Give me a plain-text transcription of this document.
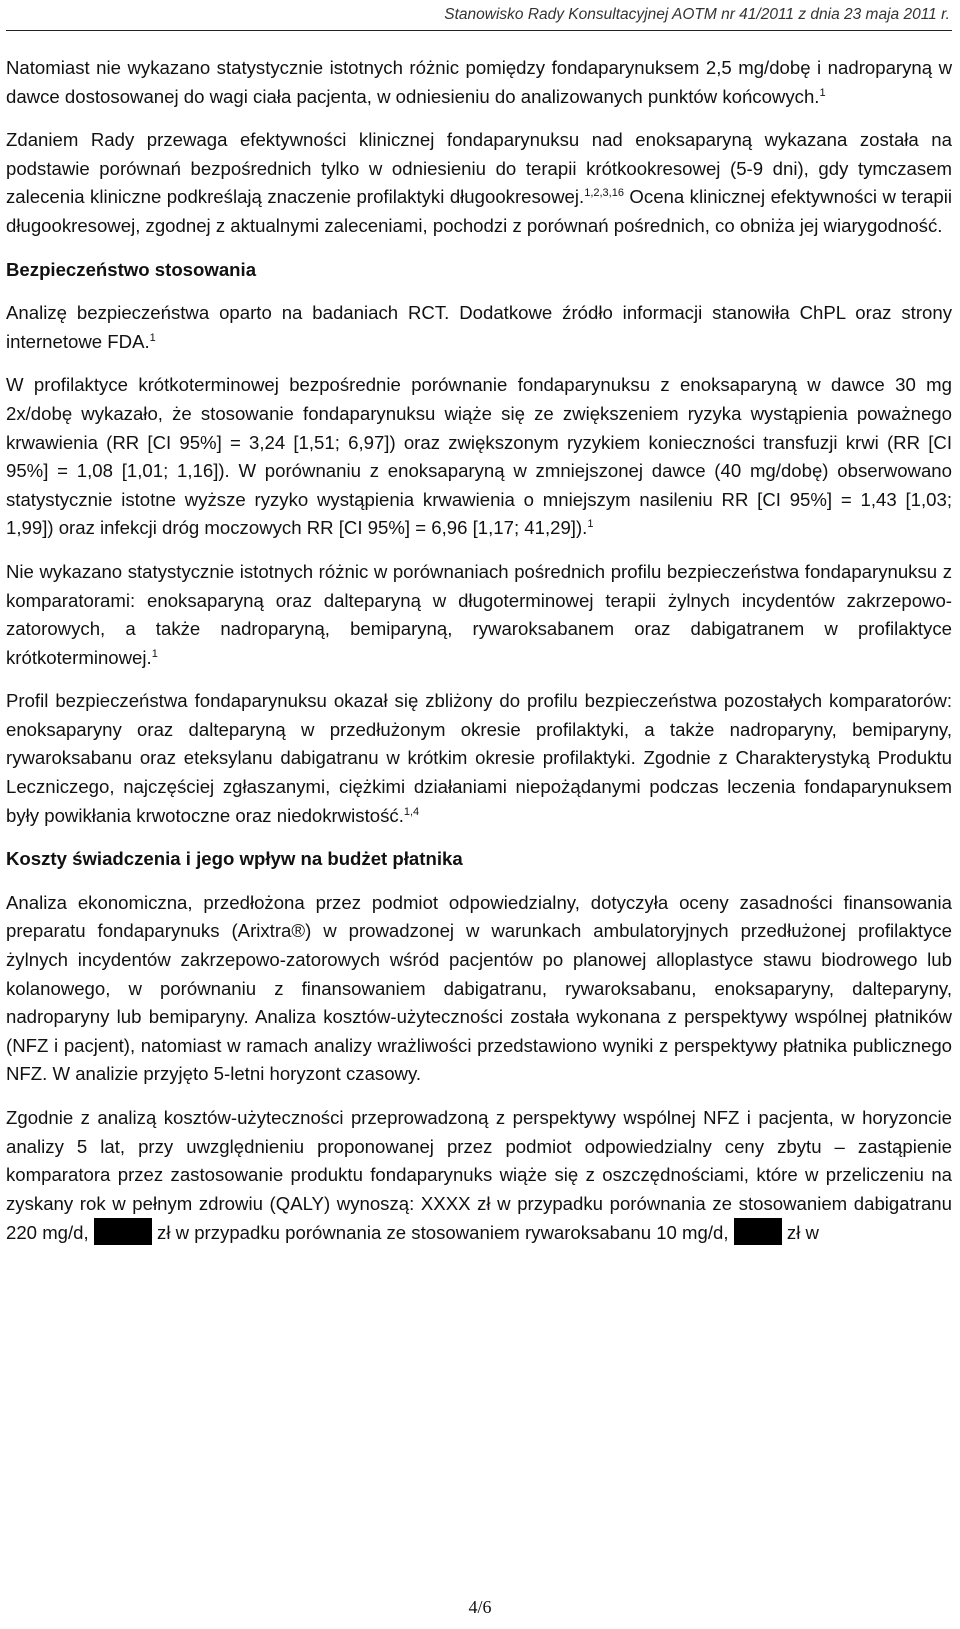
Stanowisko Rady Konsultacyjnej AOTM nr 41/2011 z dnia 23 maja 2011 r.

Natomiast nie wykazano statystycznie istotnych różnic pomiędzy fondaparynuksem 2,5 mg/dobę i nadroparyną w dawce dostosowanej do wagi ciała pacjenta, w odniesieniu do analizowanych punktów końcowych.$^1$

Zdaniem Rady przewaga efektywności klinicznej fondaparynuksu nad enoksaparyną wykazana została na podstawie porównań bezpośrednich tylko w odniesieniu do terapii krótkookresowej (5-9 dni), gdy tymczasem zalecenia kliniczne podkreślają znaczenie profilaktyki długookresowej.$^{1,2,3,16}$ Ocena klinicznej efektywności w terapii długookresowej, zgodnej z aktualnymi zaleceniami, pochodzi z porównań pośrednich, co obniża jej wiarygodność.

Bezpieczeństwo stosowania

Analizę bezpieczeństwa oparto na badaniach RCT. Dodatkowe źródło informacji stanowiła ChPL oraz strony internetowe FDA.$^1$

W profilaktyce krótkoterminowej bezpośrednie porównanie fondaparynuksu z enoksaparyną w dawce 30 mg 2x/dobę wykazało, że stosowanie fondaparynuksu wiąże się ze zwiększeniem ryzyka wystąpienia poważnego krwawienia (RR [CI 95%] = 3,24 [1,51; 6,97]) oraz zwiększonym ryzykiem konieczności transfuzji krwi (RR [CI 95%] = 1,08 [1,01; 1,16]). W porównaniu z enoksaparyną w zmniejszonej dawce (40 mg/dobę) obserwowano statystycznie istotne wyższe ryzyko wystąpienia krwawienia o mniejszym nasileniu RR [CI 95%] = 1,43 [1,03; 1,99]) oraz infekcji dróg moczowych RR [CI 95%] = 6,96 [1,17; 41,29]).$^1$

Nie wykazano statystycznie istotnych różnic w porównaniach pośrednich profilu bezpieczeństwa fondaparynuksu z komparatorami: enoksaparyną oraz dalteparyną w długoterminowej terapii żylnych incydentów zakrzepowo-zatorowych, a także nadroparyną, bemiparyną, rywaroksabanem oraz dabigatranem w profilaktyce krótkoterminowej.$^1$

Profil bezpieczeństwa fondaparynuksu okazał się zbliżony do profilu bezpieczeństwa pozostałych komparatorów: enoksaparyny oraz dalteparyną w przedłużonym okresie profilaktyki, a także nadroparyny, bemiparyny, rywaroksabanu oraz eteksylanu dabigatranu w krótkim okresie profilaktyki. Zgodnie z Charakterystyką Produktu Leczniczego, najczęściej zgłaszanymi, ciężkimi działaniami niepożądanymi podczas leczenia fondaparynuksem były powikłania krwotoczne oraz niedokrwistość.$^{1,4}$

Koszty świadczenia i jego wpływ na budżet płatnika

Analiza ekonomiczna, przedłożona przez podmiot odpowiedzialny, dotyczyła oceny zasadności finansowania preparatu fondaparynuks (Arixtra®) w prowadzonej w warunkach ambulatoryjnych przedłużonej profilaktyce żylnych incydentów zakrzepowo-zatorowych wśród pacjentów po planowej alloplastyce stawu biodrowego lub kolanowego, w porównaniu z finansowaniem dabigatranu, rywaroksabanu, enoksaparyny, dalteparyny, nadroparyny lub bemiparyny. Analiza kosztów-użyteczności została wykonana z perspektywy wspólnej płatników (NFZ i pacjent), natomiast w ramach analizy wrażliwości przedstawiono wyniki z perspektywy płatnika publicznego NFZ. W analizie przyjęto 5-letni horyzont czasowy.

Zgodnie z analizą kosztów-użyteczności przeprowadzoną z perspektywy wspólnej NFZ i pacjenta, w horyzoncie analizy 5 lat, przy uwzględnieniu proponowanej przez podmiot odpowiedzialny ceny zbytu – zastąpienie komparatora przez zastosowanie produktu fondaparynuks wiąże się z oszczędnościami, które w przeliczeniu na zyskany rok w pełnym zdrowiu (QALY) wynoszą: XXXX zł w przypadku porównania ze stosowaniem dabigatranu 220 mg/d,	zł w przypadku porównania ze stosowaniem rywaroksabanu 10 mg/d,	zł w

4/6
